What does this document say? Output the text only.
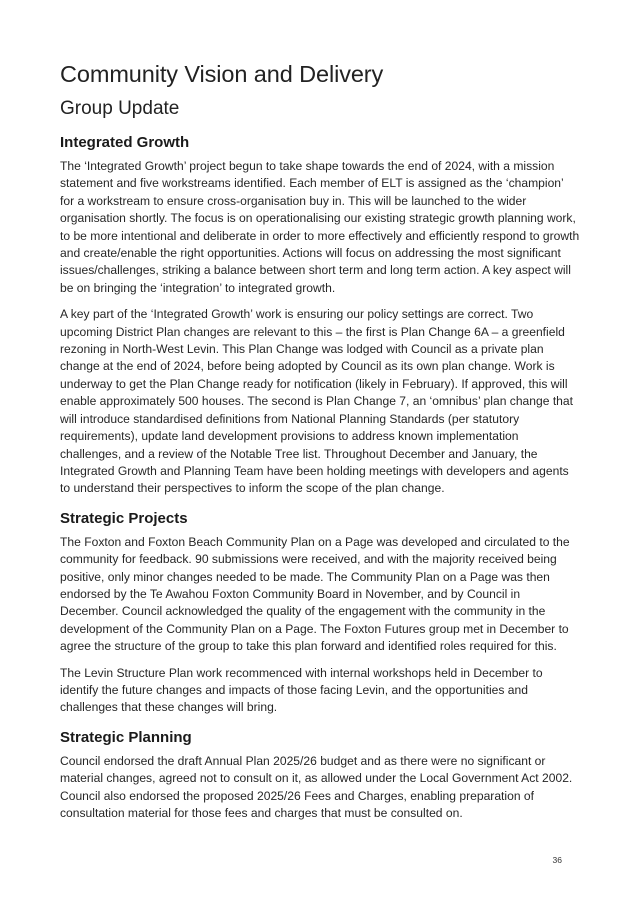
Community Vision and Delivery
Group Update
Integrated Growth

The ‘Integrated Growth’ project begun to take shape towards the end of 2024, with a mission statement and five workstreams identified. Each member of ELT is assigned as the ‘champion’ for a workstream to ensure cross-organisation buy in. This will be launched to the wider organisation shortly. The focus is on operationalising our existing strategic growth planning work, to be more intentional and deliberate in order to more effectively and efficiently respond to growth and create/enable the right opportunities. Actions will focus on addressing the most significant issues/challenges, striking a balance between short term and long term action. A key aspect will be on bringing the ‘integration’ to integrated growth.

A key part of the ‘Integrated Growth’ work is ensuring our policy settings are correct. Two upcoming District Plan changes are relevant to this – the first is Plan Change 6A – a greenfield rezoning in North-West Levin. This Plan Change was lodged with Council as a private plan change at the end of 2024, before being adopted by Council as its own plan change. Work is underway to get the Plan Change ready for notification (likely in February). If approved, this will enable approximately 500 houses. The second is Plan Change 7, an ‘omnibus’ plan change that will introduce standardised definitions from National Planning Standards (per statutory requirements), update land development provisions to address known implementation challenges, and a review of the Notable Tree list. Throughout December and January, the Integrated Growth and Planning Team have been holding meetings with developers and agents to understand their perspectives to inform the scope of the plan change.

Strategic Projects

The Foxton and Foxton Beach Community Plan on a Page was developed and circulated to the community for feedback. 90 submissions were received, and with the majority received being positive, only minor changes needed to be made. The Community Plan on a Page was then endorsed by the Te Awahou Foxton Community Board in November, and by Council in December. Council acknowledged the quality of the engagement with the community in the development of the Community Plan on a Page. The Foxton Futures group met in December to agree the structure of the group to take this plan forward and identified roles required for this.

The Levin Structure Plan work recommenced with internal workshops held in December to identify the future changes and impacts of those facing Levin, and the opportunities and challenges that these changes will bring.

Strategic Planning

Council endorsed the draft Annual Plan 2025/26 budget and as there were no significant or material changes, agreed not to consult on it, as allowed under the Local Government Act 2002. Council also endorsed the proposed 2025/26 Fees and Charges, enabling preparation of consultation material for those fees and charges that must be consulted on.

36
